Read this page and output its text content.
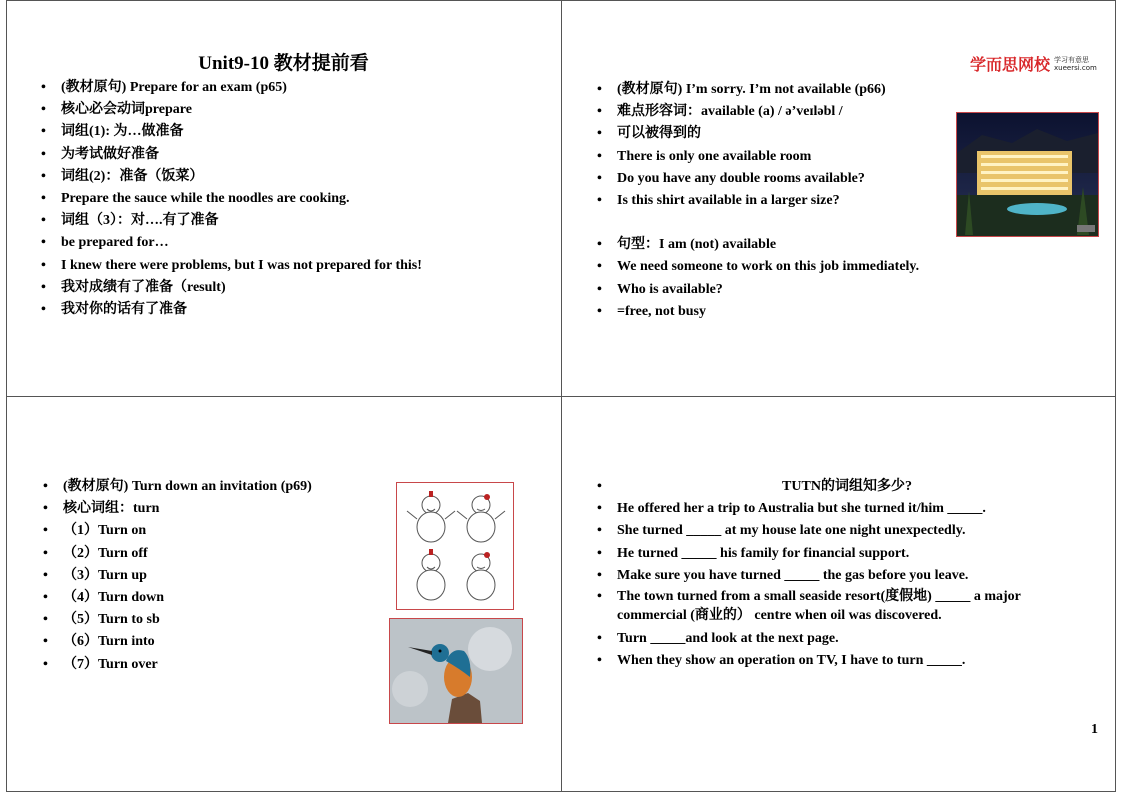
Unit9-10 教材提前看
• (教材原句) Prepare for an exam (p65)
• 核心必会动词prepare
• 词组(1): 为…做准备
• 为考试做好准备
• 词组(2)：准备（饭菜）
• Prepare the sauce while the noodles are cooking.
• 词组（3）：对….有了准备
• be prepared for…
• I knew there were problems, but I was not prepared for this!
• 我对成绩有了准备（result)
• 我对你的话有了准备
学而思网校 学习有意思
xueersi.com
• (教材原句) I’m sorry. I’m not available (p66)
• 难点形容词：available (a) / ə’veɪləbl /
• 可以被得到的
• There is only one available room
• Do you have any double rooms available?
• Is this shirt available in a larger size?
• 句型：I am (not) available
• We need someone to work on this job immediately.
• Who is available?
• =free, not busy
• (教材原句) Turn down an invitation (p69)
• 核心词组：turn
• （1）Turn on
• （2）Turn off
• （3）Turn up
• （4）Turn down
• （5）Turn to sb
• （6）Turn into
• （7）Turn over
• TUTN的词组知多少?
• He offered her a trip to Australia but she turned it/him _____.
• She turned _____ at my house late one night unexpectedly.
• He turned _____ his family for financial support.
• Make sure you have turned _____ the gas before you leave.
• The town turned from a small seaside resort(度假地) _____ a major commercial (商业的） centre when oil was discovered.
• Turn _____and look at the next page.
• When they show an operation on TV, I have to turn _____.
1
